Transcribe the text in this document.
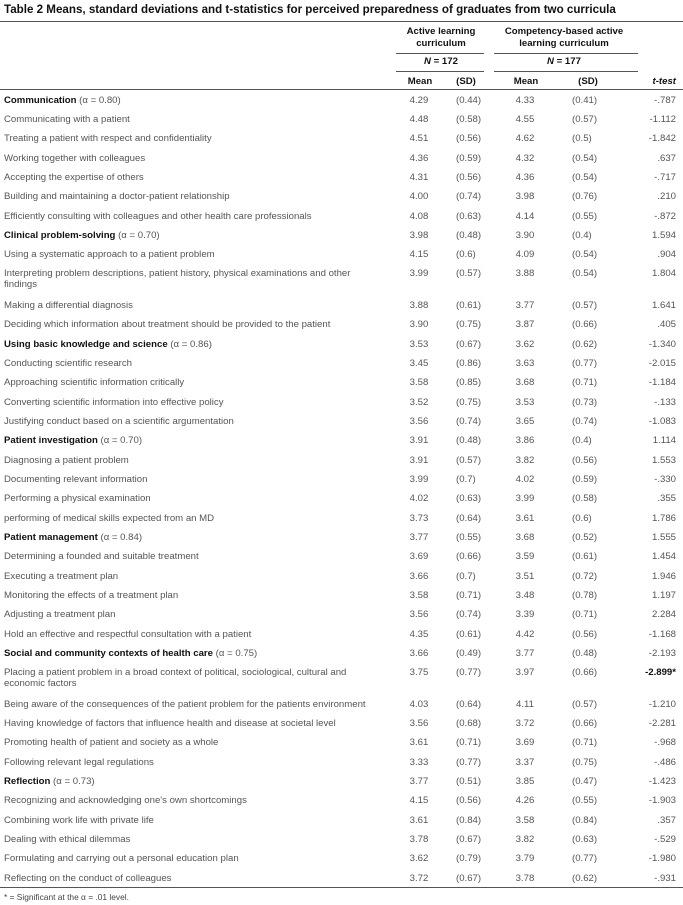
Table 2 Means, standard deviations and t-statistics for perceived preparedness of graduates from two curricula
Active learning
curriculum
Competency-based active
learning curriculum
N = 172	N = 177
Mean	(SD)	Mean	(SD)	t-test
Communication (α = 0.80)	4.29	(0.44)	4.33	(0.41)	-.787
Communicating with a patient	4.48	(0.58)	4.55	(0.57)	-1.112
Treating a patient with respect and confidentiality	4.51	(0.56)	4.62	(0.5)	-1.842
Working together with colleagues	4.36	(0.59)	4.32	(0.54)	.637
Accepting the expertise of others	4.31	(0.56)	4.36	(0.54)	-.717
Building and maintaining a doctor-patient relationship	4.00	(0.74)	3.98	(0.76)	.210
Efficiently consulting with colleagues and other health care professionals	4.08	(0.63)	4.14	(0.55)	-.872
Clinical problem-solving (α = 0.70)	3.98	(0.48)	3.90	(0.4)	1.594
Using a systematic approach to a patient problem	4.15	(0.6)	4.09	(0.54)	.904
Interpreting problem descriptions, patient history, physical examinations and other findings
3.99	(0.57)	3.88	(0.54)	1.804
Making a differential diagnosis	3.88	(0.61)	3.77	(0.57)	1.641
Deciding which information about treatment should be provided to the patient	3.90	(0.75)	3.87	(0.66)	.405
Using basic knowledge and science (α = 0.86)	3.53	(0.67)	3.62	(0.62)	-1.340
Conducting scientific research	3.45	(0.86)	3.63	(0.77)	-2.015
Approaching scientific information critically	3.58	(0.85)	3.68	(0.71)	-1.184
Converting scientific information into effective policy	3.52	(0.75)	3.53	(0.73)	-.133
Justifying conduct based on a scientific argumentation	3.56	(0.74)	3.65	(0.74)	-1.083
Patient investigation (α = 0.70)	3.91	(0.48)	3.86	(0.4)	1.114
Diagnosing a patient problem	3.91	(0.57)	3.82	(0.56)	1.553
Documenting relevant information	3.99	(0.7)	4.02	(0.59)	-.330
Performing a physical examination	4.02	(0.63)	3.99	(0.58)	.355
performing of medical skills expected from an MD	3.73	(0.64)	3.61	(0.6)	1.786
Patient management (α = 0.84)	3.77	(0.55)	3.68	(0.52)	1.555
Determining a founded and suitable treatment	3.69	(0.66)	3.59	(0.61)	1.454
Executing a treatment plan	3.66	(0.7)	3.51	(0.72)	1.946
Monitoring the effects of a treatment plan	3.58	(0.71)	3.48	(0.78)	1.197
Adjusting a treatment plan	3.56	(0.74)	3.39	(0.71)	2.284
Hold an effective and respectful consultation with a patient	4.35	(0.61)	4.42	(0.56)	-1.168
Social and community contexts of health care (α = 0.75)	3.66	(0.49)	3.77	(0.48)	-2.193
Placing a patient problem in a broad context of political, sociological, cultural and economic factors
3.75	(0.77)	3.97	(0.66)	-2.899*
Being aware of the consequences of the patient problem for the patients environment	4.03	(0.64)	4.11	(0.57)	-1.210
Having knowledge of factors that influence health and disease at societal level	3.56	(0.68)	3.72	(0.66)	-2.281
Promoting health of patient and society as a whole	3.61	(0.71)	3.69	(0.71)	-.968
Following relevant legal regulations	3.33	(0.77)	3.37	(0.75)	-.486
Reflection (α = 0.73)	3.77	(0.51)	3.85	(0.47)	-1.423
Recognizing and acknowledging one's own shortcomings	4.15	(0.56)	4.26	(0.55)	-1.903
Combining work life with private life	3.61	(0.84)	3.58	(0.84)	.357
Dealing with ethical dilemmas	3.78	(0.67)	3.82	(0.63)	-.529
Formulating and carrying out a personal education plan	3.62	(0.79)	3.79	(0.77)	-1.980
Reflecting on the conduct of colleagues	3.72	(0.67)	3.78	(0.62)	-.931
* = Significant at the α = .01 level.
